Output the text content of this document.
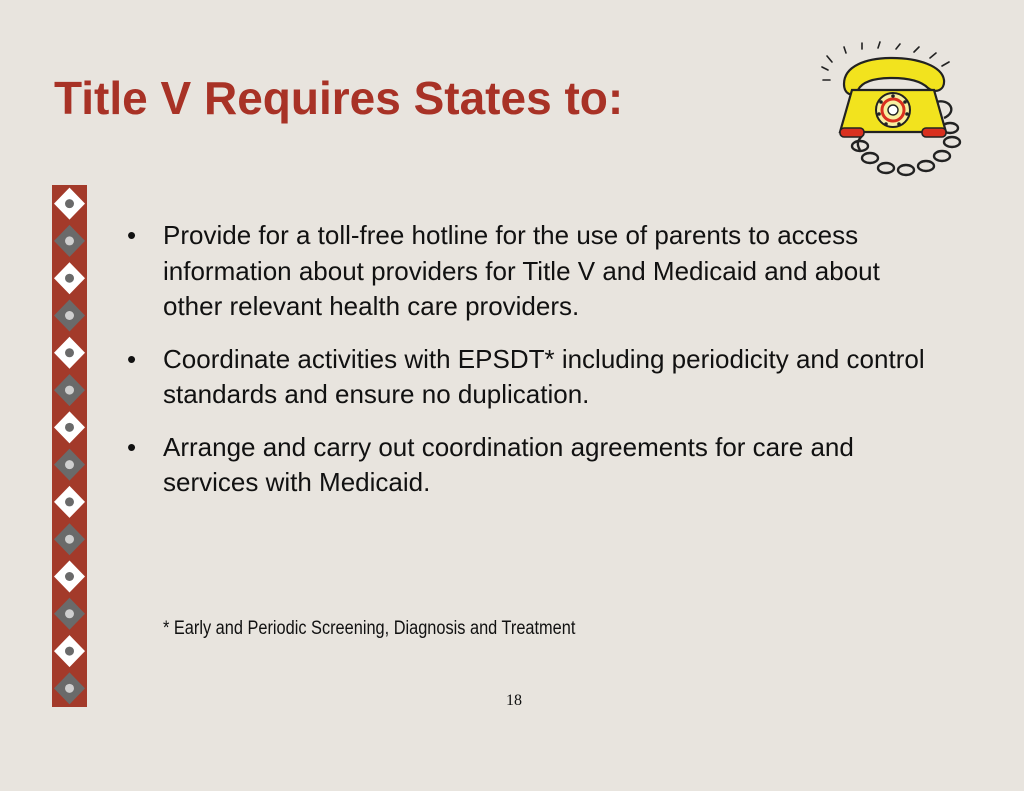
Title V Requires States to:
• Provide for a toll-free hotline for the use of parents to access information about providers for Title V and Medicaid and about other relevant health care providers.
• Coordinate activities with EPSDT* including periodicity and control standards and ensure no duplication.
• Arrange and carry out coordination agreements for care and services with Medicaid.
* Early and Periodic Screening, Diagnosis and Treatment
18
